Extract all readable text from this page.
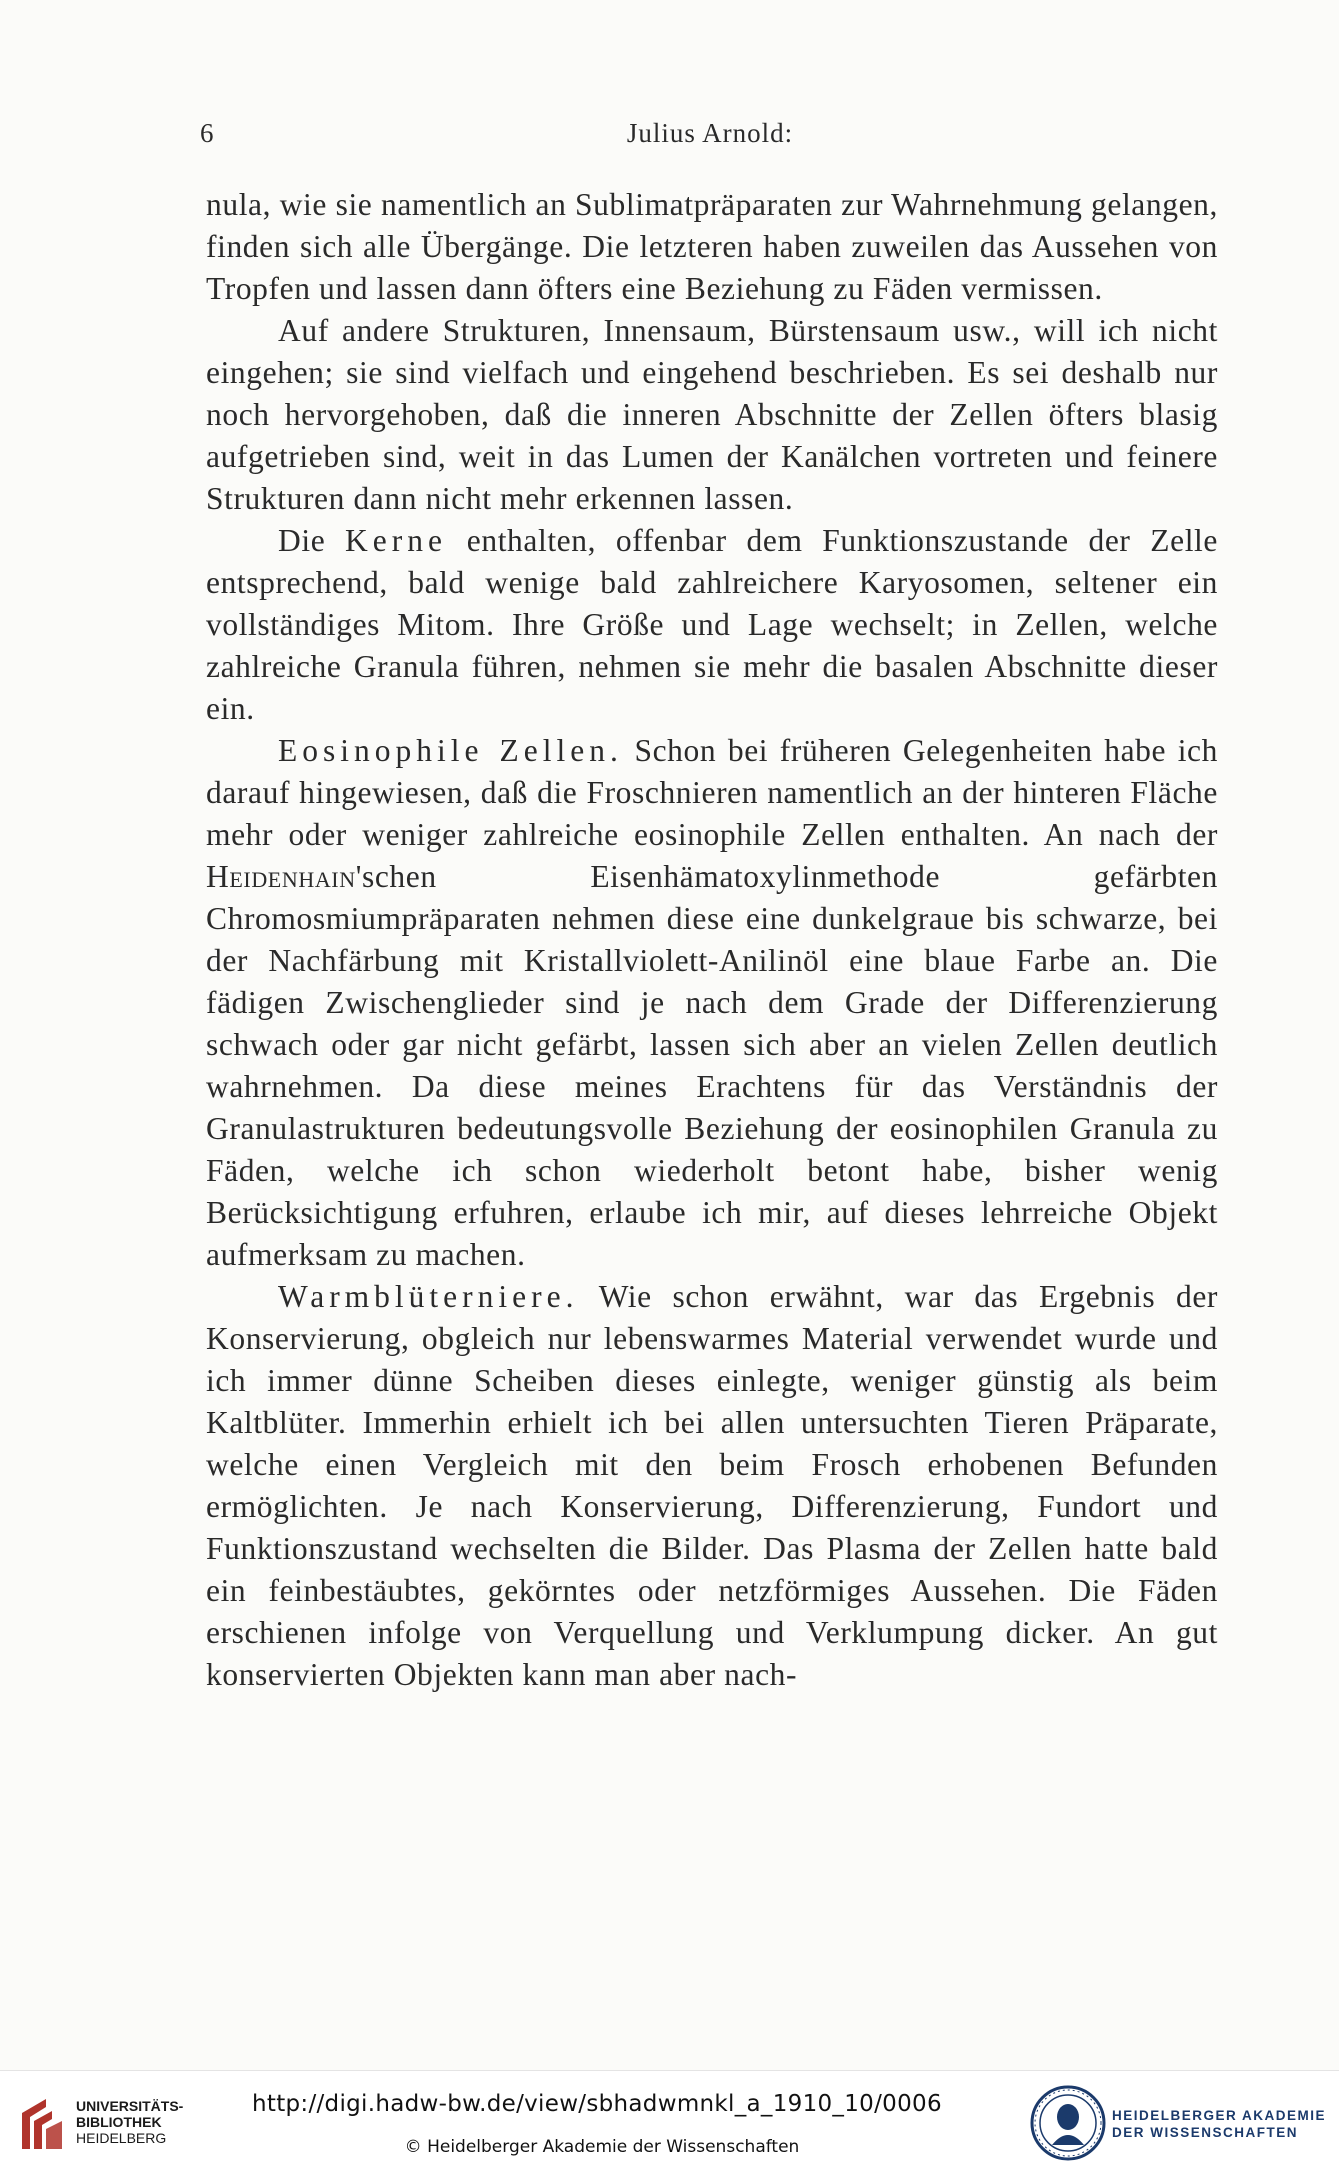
6	Julius Arnold:

nula, wie sie namentlich an Sublimatpräparaten zur Wahrnehmung gelangen, finden sich alle Übergänge. Die letzteren haben zuweilen das Aussehen von Tropfen und lassen dann öfters eine Beziehung zu Fäden vermissen.

Auf andere Strukturen, Innensaum, Bürstensaum usw., will ich nicht eingehen; sie sind vielfach und eingehend beschrieben. Es sei deshalb nur noch hervorgehoben, daß die inneren Abschnitte der Zellen öfters blasig aufgetrieben sind, weit in das Lumen der Kanälchen vortreten und feinere Strukturen dann nicht mehr erkennen lassen.

Die Kerne enthalten, offenbar dem Funktionszustande der Zelle entsprechend, bald wenige bald zahlreichere Karyosomen, seltener ein vollständiges Mitom. Ihre Größe und Lage wechselt; in Zellen, welche zahlreiche Granula führen, nehmen sie mehr die basalen Abschnitte dieser ein.

Eosinophile Zellen. Schon bei früheren Gelegenheiten habe ich darauf hingewiesen, daß die Froschnieren namentlich an der hinteren Fläche mehr oder weniger zahlreiche eosinophile Zellen enthalten. An nach der Heidenhain'schen Eisenhämatoxylinmethode gefärbten Chromosmiumpräparaten nehmen diese eine dunkelgraue bis schwarze, bei der Nachfärbung mit Kristallviolett-Anilinöl eine blaue Farbe an. Die fädigen Zwischenglieder sind je nach dem Grade der Differenzierung schwach oder gar nicht gefärbt, lassen sich aber an vielen Zellen deutlich wahrnehmen. Da diese meines Erachtens für das Verständnis der Granulastrukturen bedeutungsvolle Beziehung der eosinophilen Granula zu Fäden, welche ich schon wiederholt betont habe, bisher wenig Berücksichtigung erfuhren, erlaube ich mir, auf dieses lehrreiche Objekt aufmerksam zu machen.

Warmblüterniere. Wie schon erwähnt, war das Ergebnis der Konservierung, obgleich nur lebenswarmes Material verwendet wurde und ich immer dünne Scheiben dieses einlegte, weniger günstig als beim Kaltblüter. Immerhin erhielt ich bei allen untersuchten Tieren Präparate, welche einen Vergleich mit den beim Frosch erhobenen Befunden ermöglichten. Je nach Konservierung, Differenzierung, Fundort und Funktionszustand wechselten die Bilder. Das Plasma der Zellen hatte bald ein feinbestäubtes, gekörntes oder netzförmiges Aussehen. Die Fäden erschienen infolge von Verquellung und Verklumpung dicker. An gut konservierten Objekten kann man aber nach-

UNIVERSITÄTS-
BIBLIOTHEK
HEIDELBERG
http://digi.hadw-bw.de/view/sbhadwmnkl_a_1910_10/0006
© Heidelberger Akademie der Wissenschaften
HEIDELBERGER AKADEMIE
DER WISSENSCHAFTEN
